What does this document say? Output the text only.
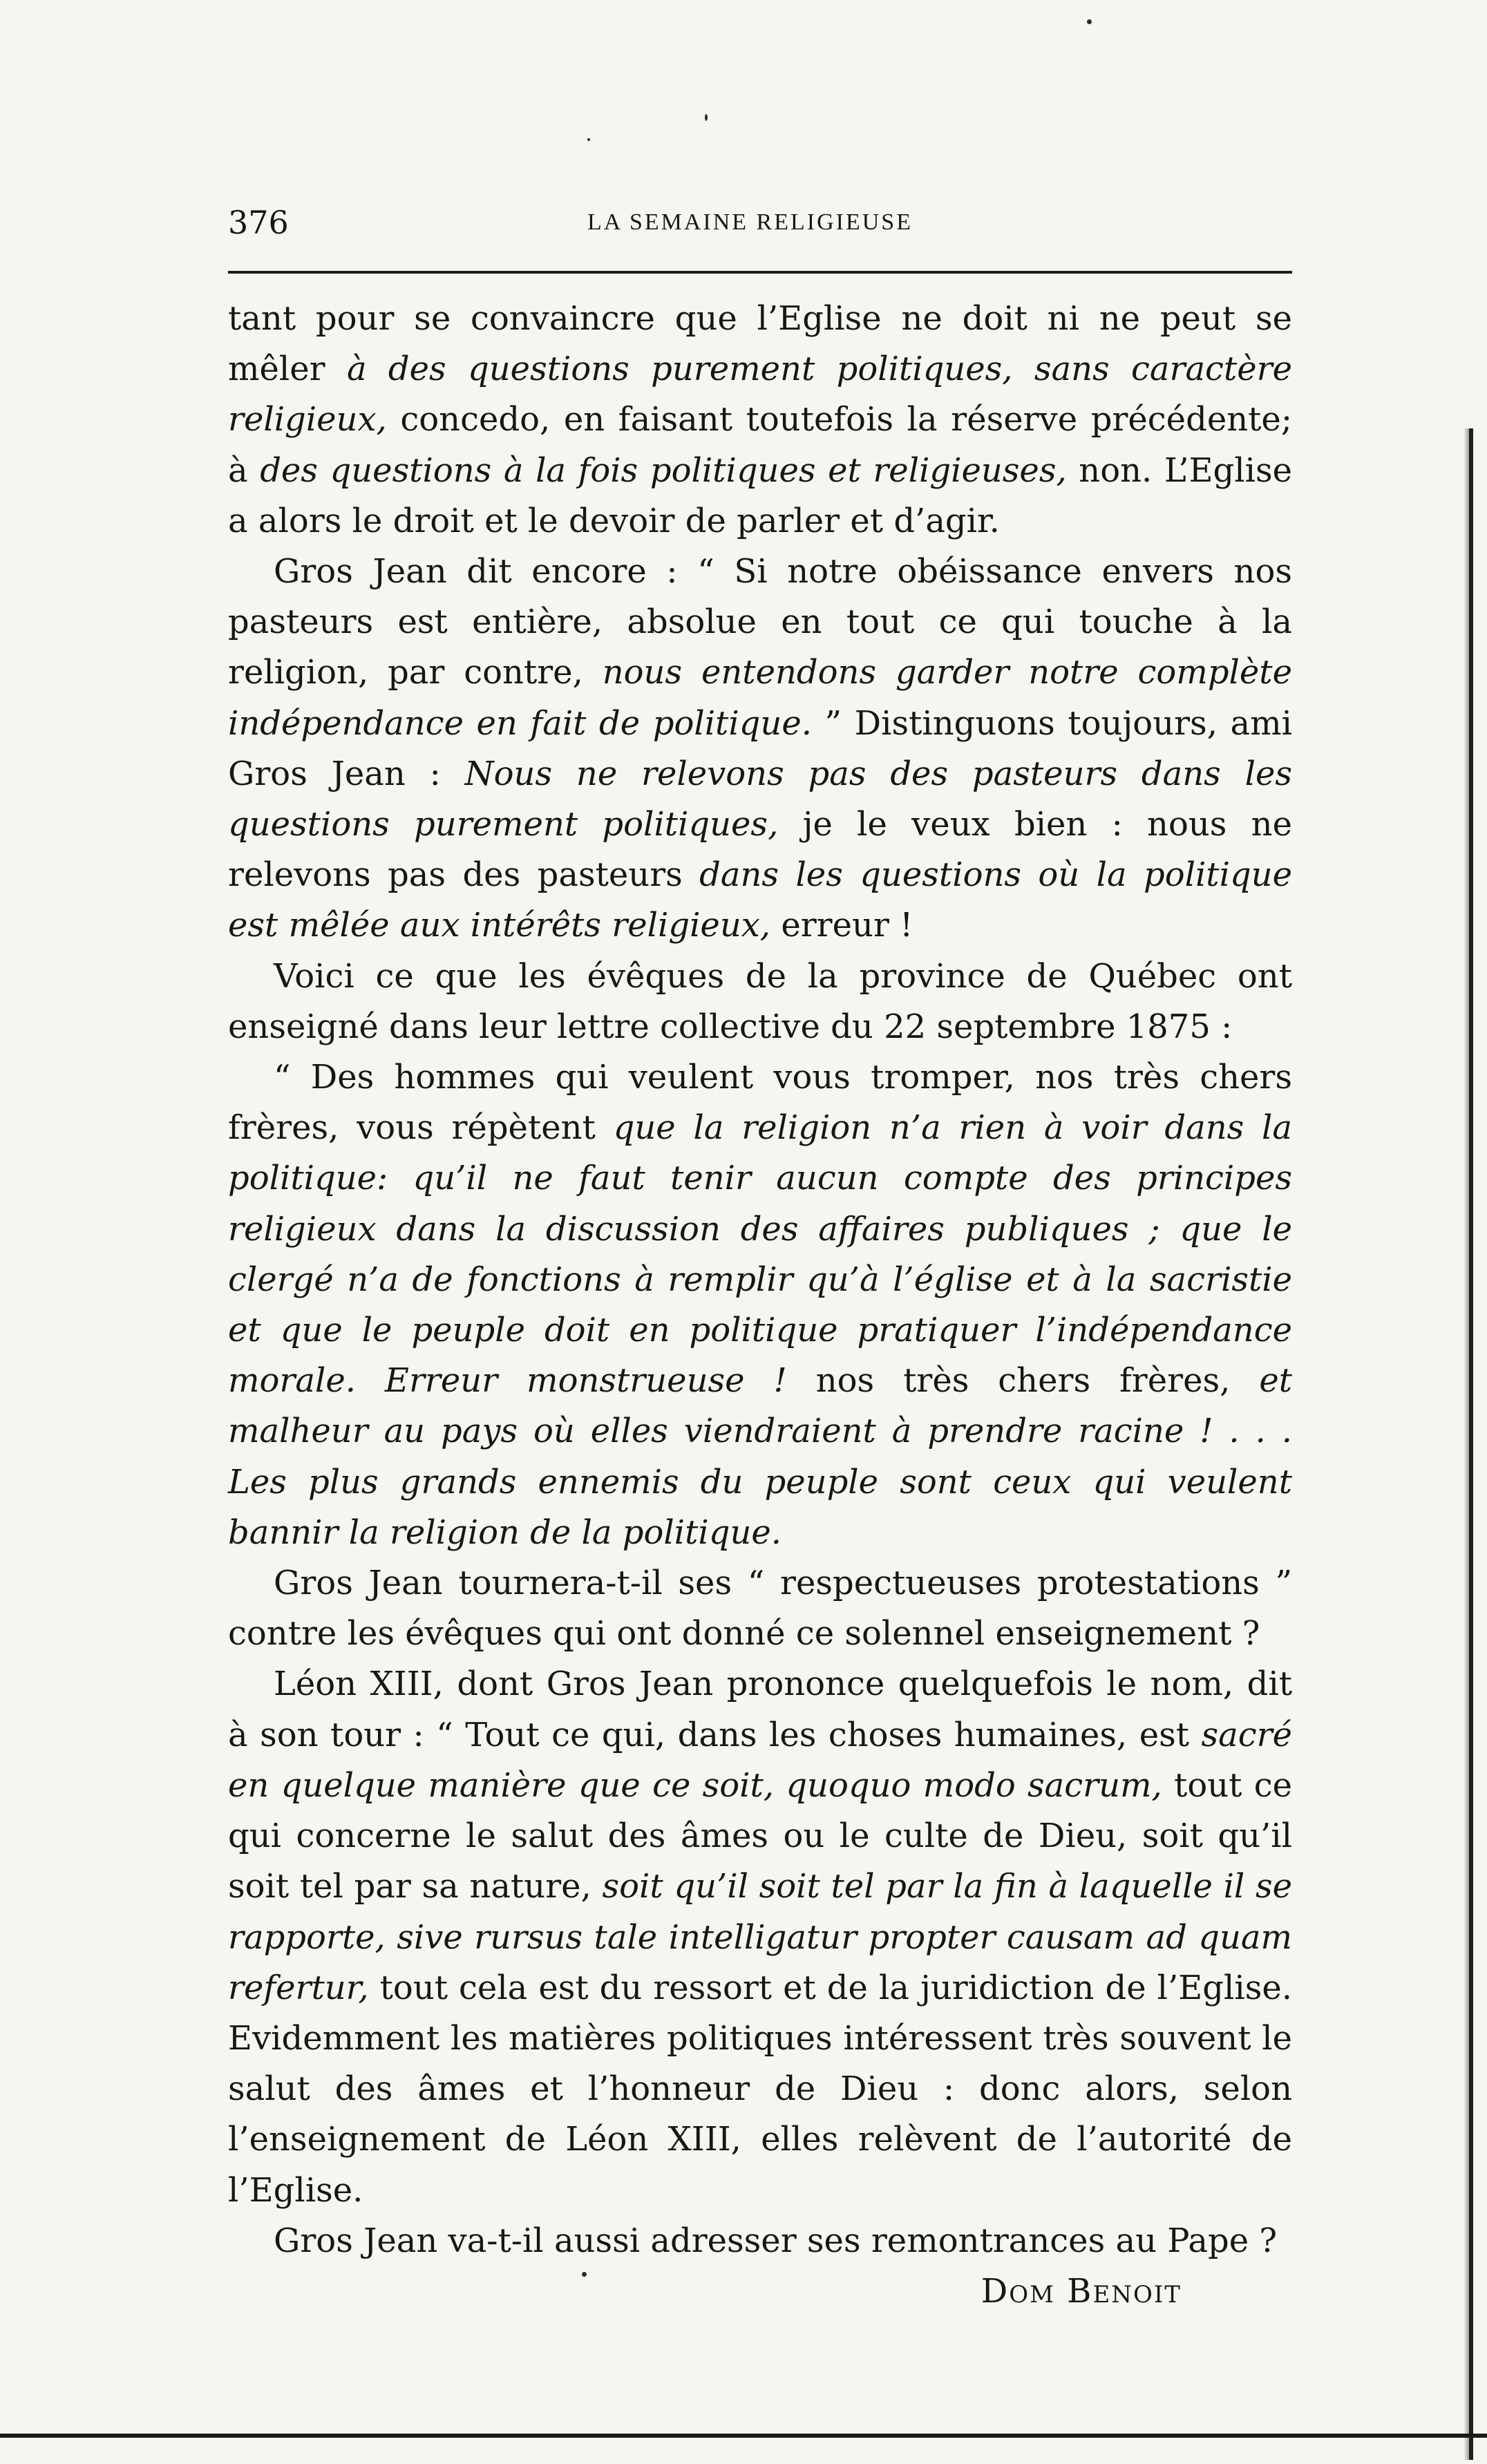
376	LA SEMAINE RELIGIEUSE

tant pour se convaincre que l’Eglise ne doit ni ne peut se mêler à des questions purement politiques, sans caractère religieux, concedo, en faisant toutefois la réserve précédente; à des questions à la fois politiques et religieuses, non. L’Eglise a alors le droit et le devoir de parler et d’agir.

Gros Jean dit encore : “ Si notre obéissance envers nos pasteurs est entière, absolue en tout ce qui touche à la religion, par contre, nous entendons garder notre complète indépendance en fait de politique. ” Distinguons toujours, ami Gros Jean : Nous ne relevons pas des pasteurs dans les questions purement politiques, je le veux bien : nous ne relevons pas des pasteurs dans les questions où la politique est mêlée aux intérêts religieux, erreur !

Voici ce que les évêques de la province de Québec ont enseigné dans leur lettre collective du 22 septembre 1875 :

“ Des hommes qui veulent vous tromper, nos très chers frères, vous répètent que la religion n’a rien à voir dans la politique: qu’il ne faut tenir aucun compte des principes religieux dans la discussion des affaires publiques ; que le clergé n’a de fonctions à remplir qu’à l’église et à la sacristie et que le peuple doit en politique pratiquer l’indépendance morale. Erreur monstrueuse ! nos très chers frères, et malheur au pays où elles viendraient à prendre racine ! . . . Les plus grands ennemis du peuple sont ceux qui veulent bannir la religion de la politique.

Gros Jean tournera-t-il ses “ respectueuses protestations ” contre les évêques qui ont donné ce solennel enseignement ?

Léon XIII, dont Gros Jean prononce quelquefois le nom, dit à son tour : “ Tout ce qui, dans les choses humaines, est sacré en quelque manière que ce soit, quoquo modo sacrum, tout ce qui concerne le salut des âmes ou le culte de Dieu, soit qu’il soit tel par sa nature, soit qu’il soit tel par la fin à laquelle il se rapporte, sive rursus tale intelligatur propter causam ad quam refertur, tout cela est du ressort et de la juridiction de l’Eglise. Evidemment les matières politiques intéressent très souvent le salut des âmes et l’honneur de Dieu : donc alors, selon l’enseignement de Léon XIII, elles relèvent de l’autorité de l’Eglise.

Gros Jean va-t-il aussi adresser ses remontrances au Pape ?

Dom Benoit
